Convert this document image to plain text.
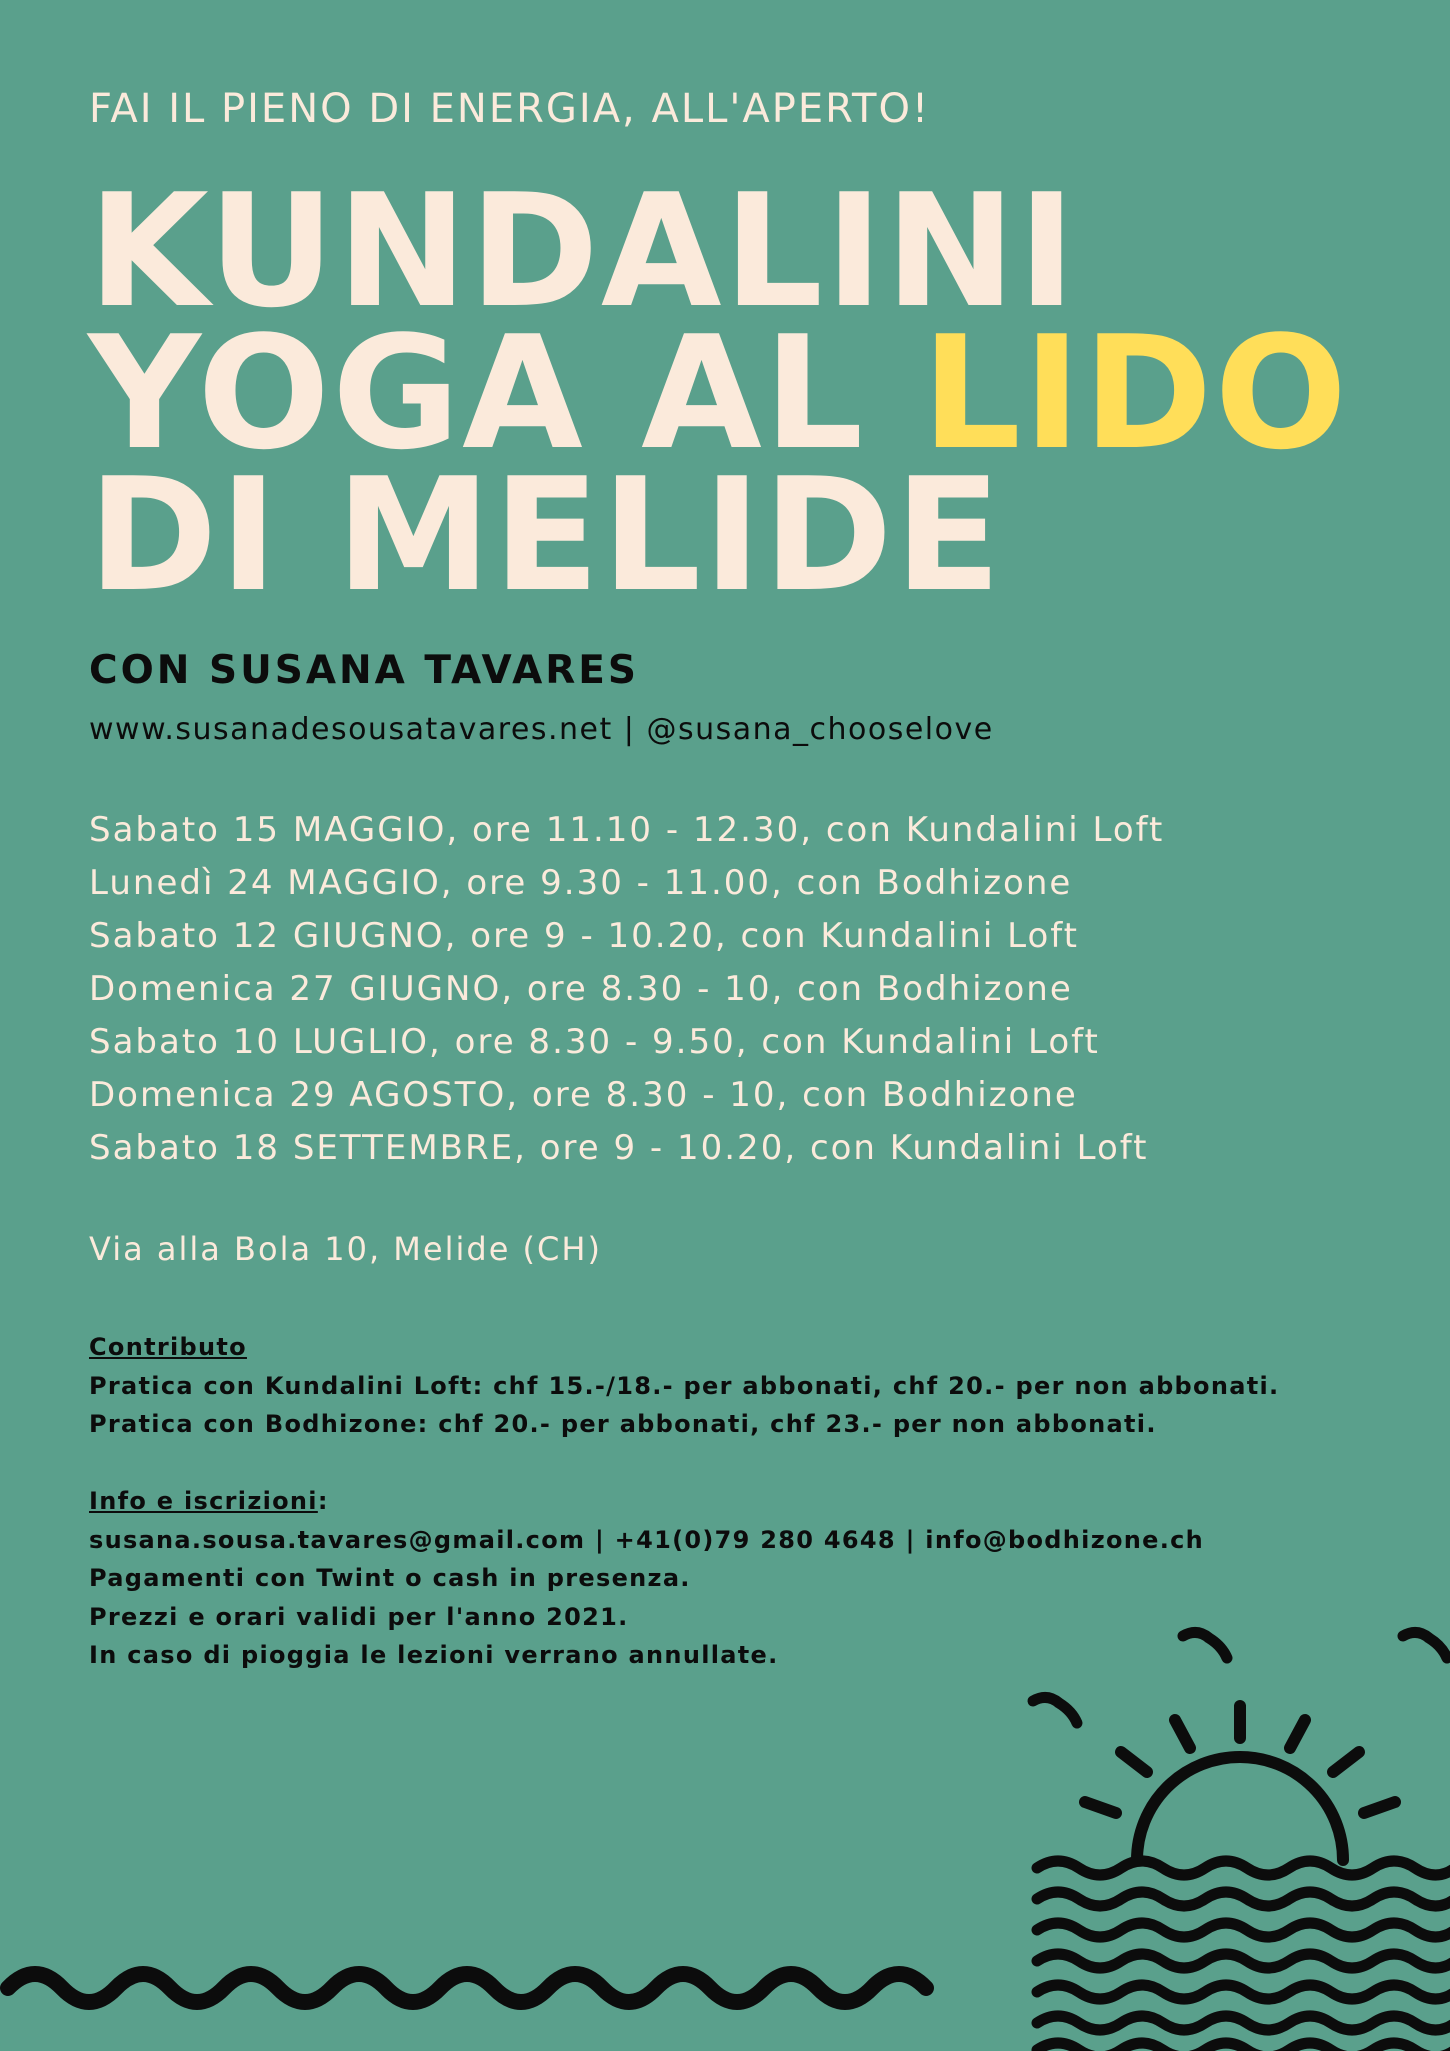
FAI IL PIENO DI ENERGIA, ALL'APERTO!
KUNDALINI
YOGA AL LIDO
DI MELIDE
CON SUSANA TAVARES
www.susanadesousatavares.net | @susana_chooselove
Sabato 15 MAGGIO, ore 11.10 - 12.30, con Kundalini Loft
Lunedì 24 MAGGIO, ore 9.30 - 11.00, con Bodhizone
Sabato 12 GIUGNO, ore 9 - 10.20, con Kundalini Loft
Domenica 27 GIUGNO, ore 8.30 - 10, con Bodhizone
Sabato 10 LUGLIO, ore 8.30 - 9.50, con Kundalini Loft
Domenica 29 AGOSTO, ore 8.30 - 10, con Bodhizone
Sabato 18 SETTEMBRE, ore 9 - 10.20, con Kundalini Loft
Via alla Bola 10, Melide (CH)
Contributo
Pratica con Kundalini Loft: chf 15.-/18.- per abbonati, chf 20.- per non abbonati.
Pratica con Bodhizone: chf 20.- per abbonati, chf 23.- per non abbonati.
Info e iscrizioni:
susana.sousa.tavares@gmail.com | +41(0)79 280 4648 | info@bodhizone.ch
Pagamenti con Twint o cash in presenza.
Prezzi e orari validi per l'anno 2021.
In caso di pioggia le lezioni verrano annullate.
